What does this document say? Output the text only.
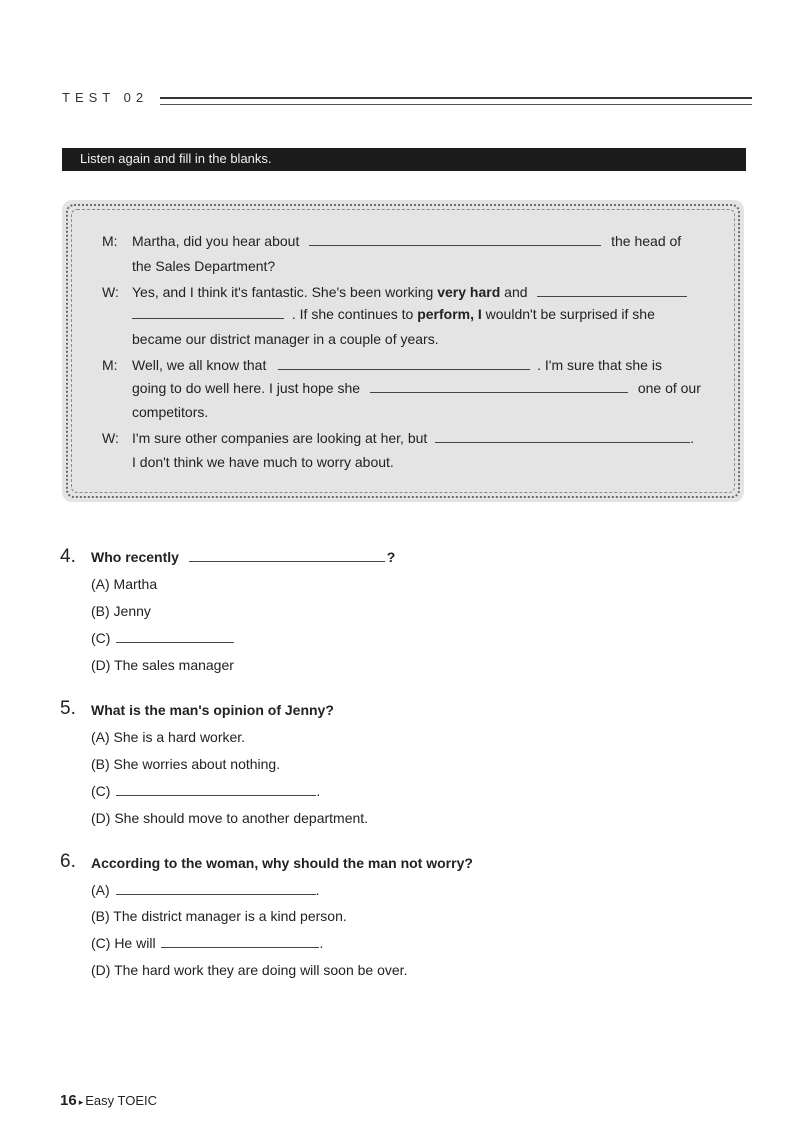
TEST 02
Listen again and fill in the blanks.
M: Martha, did you hear about	the head of
the Sales Department?
W: Yes, and I think it's fantastic. She's been working very hard and
. If she continues to perform, I wouldn't be surprised if she
became our district manager in a couple of years.
M: Well, we all know that	. I'm sure that she is
going to do well here. I just hope she	one of our
competitors.
W: I'm sure other companies are looking at her, but	.
I don't think we have much to worry about.
4. Who recently	?
(A) Martha
(B) Jenny
(C)
(D) The sales manager
5. What is the man's opinion of Jenny?
(A) She is a hard worker.
(B) She worries about nothing.
(C)	.
(D) She should move to another department.
6. According to the woman, why should the man not worry?
(A)	.
(B) The district manager is a kind person.
(C) He will	.
(D) The hard work they are doing will soon be over.
16 ▸ Easy TOEIC
